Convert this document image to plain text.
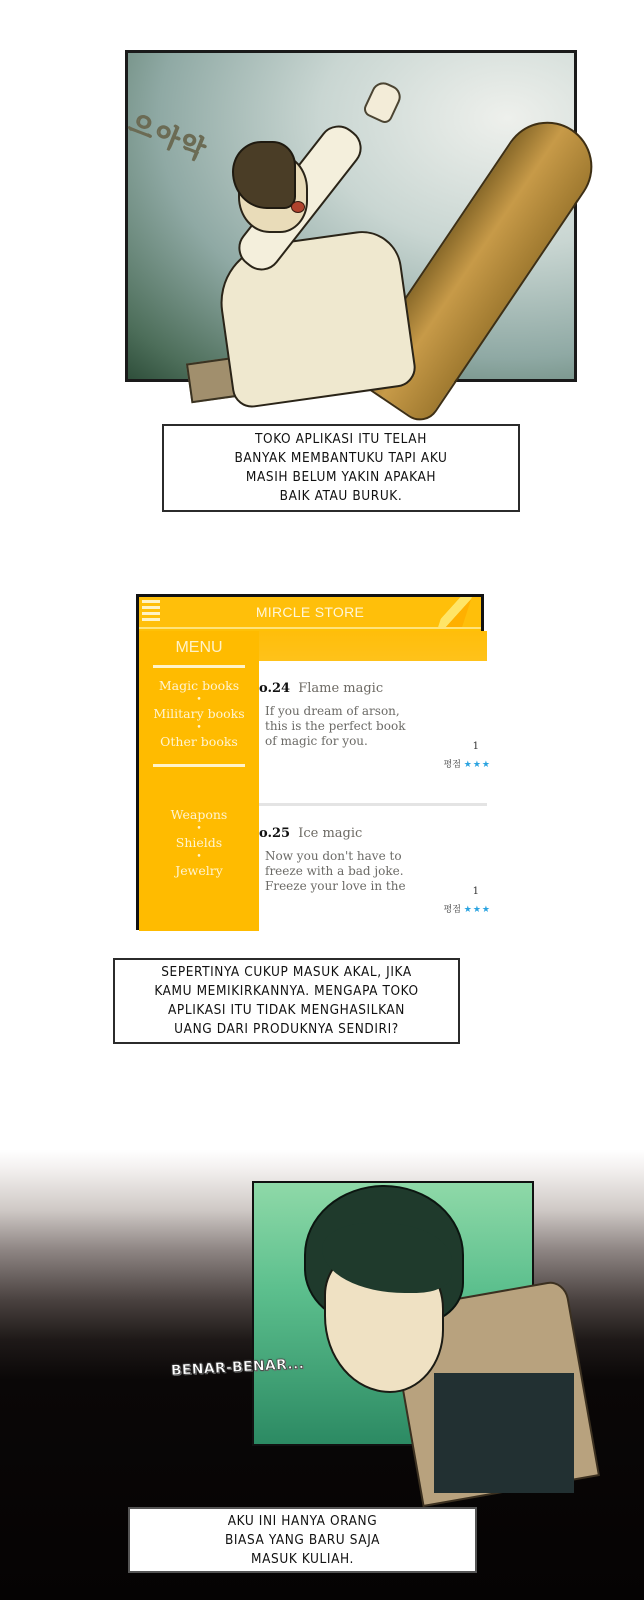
으아악
TOKO APLIKASI ITU TELAH
BANYAK MEMBANTUKU TAPI AKU
MASIH BELUM YAKIN APAKAH
BAIK ATAU BURUK.
MIRCLE STORE
MENU
Magic books
•
Military books
•
Other books
Weapons
•
Shields
•
Jewelry
o.24 Flame magic
If you dream of arson,
this is the perfect book
of magic for you.	1
평점 ★★★
o.25 Ice magic
Now you don't have to
freeze with a bad joke.
Freeze your love in the	1
평점 ★★★
SEPERTINYA CUKUP MASUK AKAL, JIKA
KAMU MEMIKIRKANNYA. MENGAPA TOKO
APLIKASI ITU TIDAK MENGHASILKAN
UANG DARI PRODUKNYA SENDIRI?
BENAR-BENAR...
AKU INI HANYA ORANG
BIASA YANG BARU SAJA
MASUK KULIAH.
